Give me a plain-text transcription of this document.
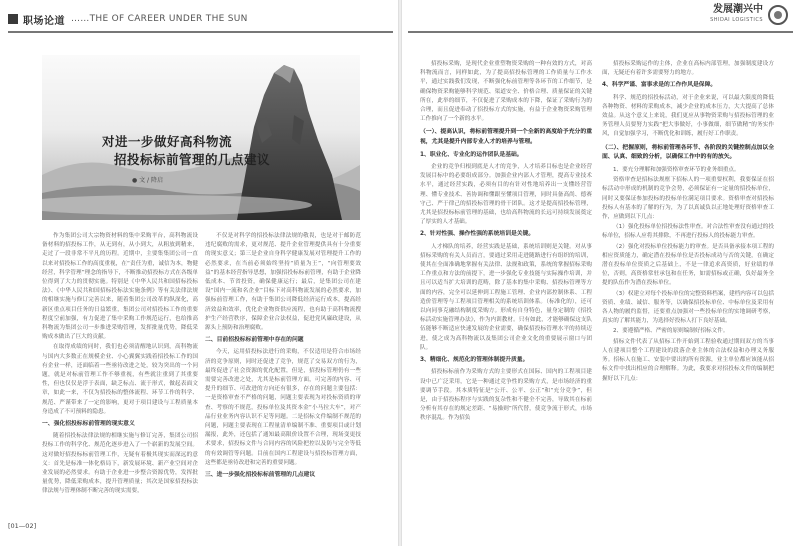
职场论道 ……THE OF CAREER UNDER THE SUN
对进一步做好高科物流
招投标标前管理的几点建议
● 文 / 降启

作为集团公司大宗物资材料的集中采购平台，高科物流设备材料的招投标工作，从无到有，从小到大，从粗放到精来，走过了一段非常不平凡的历程。近期中，主要集集团公司一直以来对招投标工作的高度重视，在“责任为重，诚信为本，物健经营，科学管理”理念的指导下，不断推动招投标方式在各级单位得到了大力的贯彻实施。特别是《中华人民共和国招标投标法》、《中华人民共和国招标投标法实施条例》等有关法律法规的相继实施与修订完善以来，随着集团公司改革的纵深化，高新区重点项目任务的日益繁重，集团公司对招投标工作的重要程度空前加强，有力促进了集中采购工作规范运行，也给推高科物流为集团公司一步推进采购管理，发挥批量优势，降低采购成本做出了巨大的贡献。

在取得成绩的同时，我们也必须清醒地认识到，高科物流与国内大多数正在规模企业、小心翼翼实践着招投标工作的国有企业一样，还面临着一些亟待改进之处，较为突出的一个问题，就是对标前管理工作不够重视，有些就注重到了其重要性，但也仅仅是浮于表面，缺乏标点、流于形式，做起表面文章，如此一来，不仅为招投标的整体流程、环节工作的科学、规范、严谨带来了一定的影响，更对于项目建设与工程质量本身造成了不可预料的隐患。

一、强化招投标标前管理的现实意义

随着招投标法律法规的相继实施与修订完善，集团公司招投标工作的科学化、规范化逐步进入了一个崭新的发展空间。这对做好招投标标前管理工作，无疑有着极其现实而深远的意义：首先是标准一体化格局下，新发展环境、新产业空间对企业发展的必然要求。有助于企业进一步整合资源优势，发挥批量优势，降低采购成本，提升管理质量；其次是国家招投标法律法规与管理体制不断完善的现实需要，

不仅是对科学的招投标法律法规的敬畏，也是对于邮防范违纪腐败的需求，更对规范、提升企业管理提供具有十分重要的现实意义；第三是企业自身科学健康发展对管理提升工作的必然要求，在当前必须始终坚持“质量为王”，“向管理要效益”的基本经营指导思想，加强招投标标前管理，有助于企业降低成本、节省投资，确保健康运行；最后，是集团公司在建设“国内一流和名企业”目标下对高科物流发展的必然要求，加强标前管理工作，有助于集团公司降低经济运行成本，提高经济效益和效率，优化企业物资供应流程，也有助于高科物流搜护生产经营秩序，保障企业合法权益，促进党风廉政建设，从源头上预防和治理腐败。

二、目前招投标标前管理中存在的问题

今天，运用招投标法进行的采购，不仅适用是符合市场经济的竞争原则，同时还促进了竞争，规范了交易双方的行为，最终促进了社会资源的优化配置，但是，招投标管理仍有一些需要完善改进之处，尤其是标前管理方面，可完善的内容、可提升的细节、可改进的方向还有很多，存在的问题主要包括：一是资格审查不严格的问题，问题主要表现为对投标资质的审查、考察的不规范，投标单位及其资本金“小马拉大车”，对产品行业业务内容认识不足等问题。二是招标文件编制不规范的问题，问题主要表现在工程量清单编制不准、重要项目或计划漏报，此外，还包括了通知最高限价设置不合理，现场变更技术要求，招投标文件与合同内容的风险把控以及防与完全等低的有效调管等问题。目前在国内工程建设与招投标管理方面，这些都是亟待改进和完善的重要问题。

三、进一步强化招投标标前管理的几点建议

[01—02]
发展潮兴中
SHIDAI LOGISTICS

招投标采购，是现代企业重塑物资采购的一种有效的方式，对高科物流而言，同样如此，为了提高招投标管理的工作质量与工作水平，通过实践我们发现，不断强化标前管理等各环节的工作细节，是确保物资采购能够科学规范、渠道安全、价格合理、质量保证的关键所在，此举的细节，不仅促进了采购成本的下降，保证了采购行为的合理，而且促进奉动了招投标方式的实施，有益于企业物资采购管理工作推向了一个新的水平。

（一）、提高认识，将标前管理提升到一个全新的高度给予充分的重视，尤其是提升内部专业人才的培养与管理。

1、职业化、专业化的运作团队是基础。

企业的竞争归根到底是人才的竞争，人才培养目标也是企业经营发展目标中的必要组成部分。加强企业内部人才管理，提高专业技术水平，通过经营实践，必须有目的有针对性地培养出一支懂经营管理、懂专业技术、善协调和懂跟至懂项目管理，同时具备高尚、德赛守己、严于律己的招投标管理的骨干团队。这才是提高招投标管理，尤其是招投标标前管理的基础，也给高科物流的长远可持续发展奠定了厚实的人才基础。

2、针对性强、操作性强的系统培训是关键。

人才梯队的培养，经营实践是基础，系统培训则是关键。对从事招标采购的有关人员而言，要通过采用走进随路进行有组织的培训，使其在全面准确地掌握有关法律、法规和政策，系统的掌握招标采购工作重点和方法的前提下，进一步强化专业技能与实际操作培训，并且可以适当扩大培训的范畴，除了基本的集中采购、招投标管理等方面的内容，完全可以延伸到工程施工管理、企业内部控制体系、工程造价管理等与工程项目管理相关的系统培训体系。（标准化的），还可以向同事克融结构制度采购方。形成有自身特色，量身定制的《招投标活动实施管理办法》，作为内训教材。只有如此，才能够确保这支队伍能够不断适应快速发展的企业需要，确保招投标管理水平的持续迈进，使之成为高科物流以及集团公司企业文化的重要展示窗口与团队。

3、精细化、规范化的管理体制提升质量。

招投标标前作为采购方式的主要形式在国际、国内的工程项目建设中已广泛采用，它是一种通过竞争性的采购方式，是市场经济的重要调节手段。其本质特征是“公开、公平、公正”和“充分竞争”，但是，由于招投标程序与实践的复杂性和不健全不完善，导致其在标前分析有其存在的规定差距、“易操则”所代替，使竞争流于形式，市场秩序混乱。作为招负

招投标采购运作的主体，企业在高标内部管理，加强制度建设方面，无疑还有着许多需要努力的地方。

4、科学严谨、富事求是的工作作风是保障。

科学、规范的招投标活动，对于企业来说，可以最大限度的降低各种物资、材料的采购成本，减少企业的成本压力，大大提高了总体效益。从这个意义上来说，我们更应从事物资采购与招投标管理的业务管理人员要努力实践“把大事做好，小事做细，细节做精”的务实作风，自觉加强学习，不断优化和训练，履行好工作职责。

（二）、把握原则，将标前管理各环节、各阶段的关键控制点加以全面、认真、细致的分析，以确保工作中的有的放矢。

1、要充分理解和加强资格审查环节的业务细重点。

资格审查是招标法规框下招标人的一项重要权利，我要保证在招标活动中形成的机制的竞争会势，必须保证有一定量的招投标单位，同时又要保证参加投标的投标单位满足项目要求。资格审查对招投标投标人有基本的了解的行为，为了以真诚负以正地处理好资格审查工作，应做到以下几点：

（1）强化投标单位招投标法性审查。对合法性审查没有通过的投标单位，招标人应将其排除，不再进行投标人的投标能力审查。

（2）强化对投标单位投标能力的审查。是否具备承接本项工程的相应资质能力，确定潜在投标单位是否投标成功与否的关键，在确定潜在投标单位资质之后基础上，不是一律追求高资质，好业绩的单位，否则，高资格常驻承包和在任务，如需招标或正确，负好最务全提的队伍作为潜在投标单位。

（3）权建立对每个投标单位的完整资料档案，建档内容可以包括资质、业绩、诚信、服务等，以确保招投标单位、中标单位及采用有各人物的履约监督，还要重点加强对一些投标单位的实地调研考察，真实的了解其能力，为选择好投标人打下良好基础。

2、要遵循严格、严密的原则编制好招标文件。

招标文件代表了从招标工作开始到工程验收通过期间双方的当事人在建项目整个工程建设的段落企业主体的合法权益和办理义务服务。招标人在施工、安装中要出的所有资源，业主单位都应该能从招标文件中找出相应的合理解释。为此，我要求对招投标文件的编制把握好以下几点：
